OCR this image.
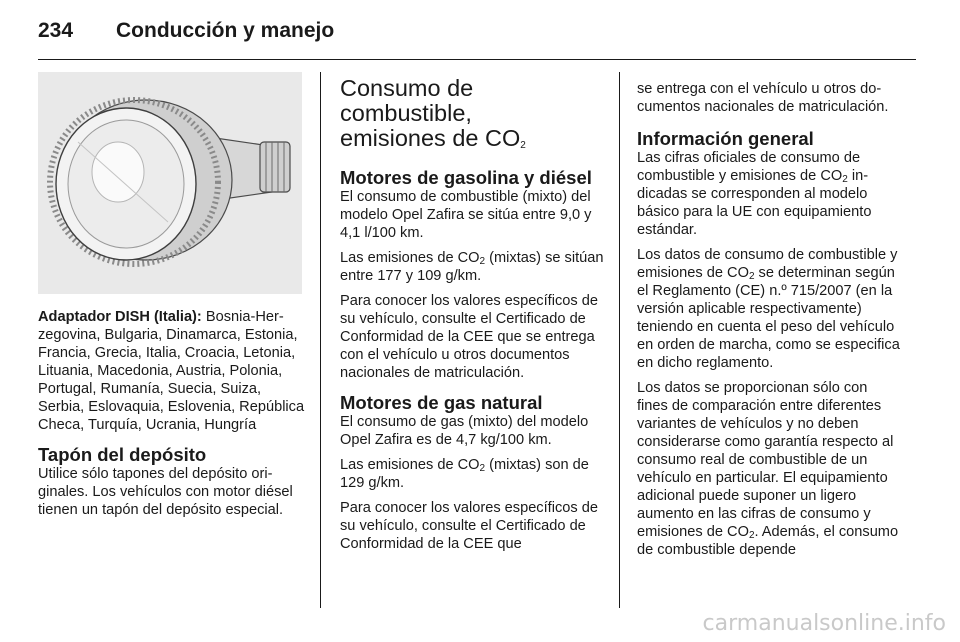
234 Conducción y manejo

Adaptador DISH (Italia): Bosnia-Herzegovina, Bulgaria, Dinamarca, Estonia, Francia, Grecia, Italia, Croacia, Letonia, Lituania, Macedonia, Austria, Polonia, Portugal, Rumanía, Suecia, Suiza, Serbia, Eslovaquia, Eslovenia, República Checa, Turquía, Ucrania, Hungría

Tapón del depósito

Utilice sólo tapones del depósito originales. Los vehículos con motor diésel tienen un tapón del depósito especial.

Consumo de combustible,
emisiones de $CO_2$
Motores de gasolina y diésel

El consumo de combustible (mixto) del modelo Opel Zafira se sitúa entre 9,0 y 4,1 l/100 km.

Las emisiones de $CO_2$ (mixtas) se sitúan entre 177 y 109 g/km.

Para conocer los valores específicos de su vehículo, consulte el Certificado de Conformidad de la CEE que se entrega con el vehículo u otros documentos nacionales de matriculación.

Motores de gas natural

El consumo de gas (mixto) del modelo Opel Zafira es de 4,7 kg/100 km.

Las emisiones de $CO_2$ (mixtas) son de 129 g/km.

Para conocer los valores específicos de su vehículo, consulte el Certificado de Conformidad de la CEE que

se entrega con el vehículo u otros documentos nacionales de matriculación.

Información general

Las cifras oficiales de consumo de combustible y emisiones de $CO_2$ indicadas se corresponden al modelo básico para la UE con equipamiento estándar.

Los datos de consumo de combustible y emisiones de $CO_2$ se determinan según el Reglamento (CE) n.º 715/2007 (en la versión aplicable respectivamente) teniendo en cuenta el peso del vehículo en orden de marcha, como se especifica en dicho reglamento.

Los datos se proporcionan sólo con fines de comparación entre diferentes variantes de vehículos y no deben considerarse como garantía respecto al consumo real de combustible de un vehículo en particular. El equipamiento adicional puede suponer un ligero aumento en las cifras de consumo y emisiones de $CO_2$. Además, el consumo de combustible depende

carmanualsonline.info
